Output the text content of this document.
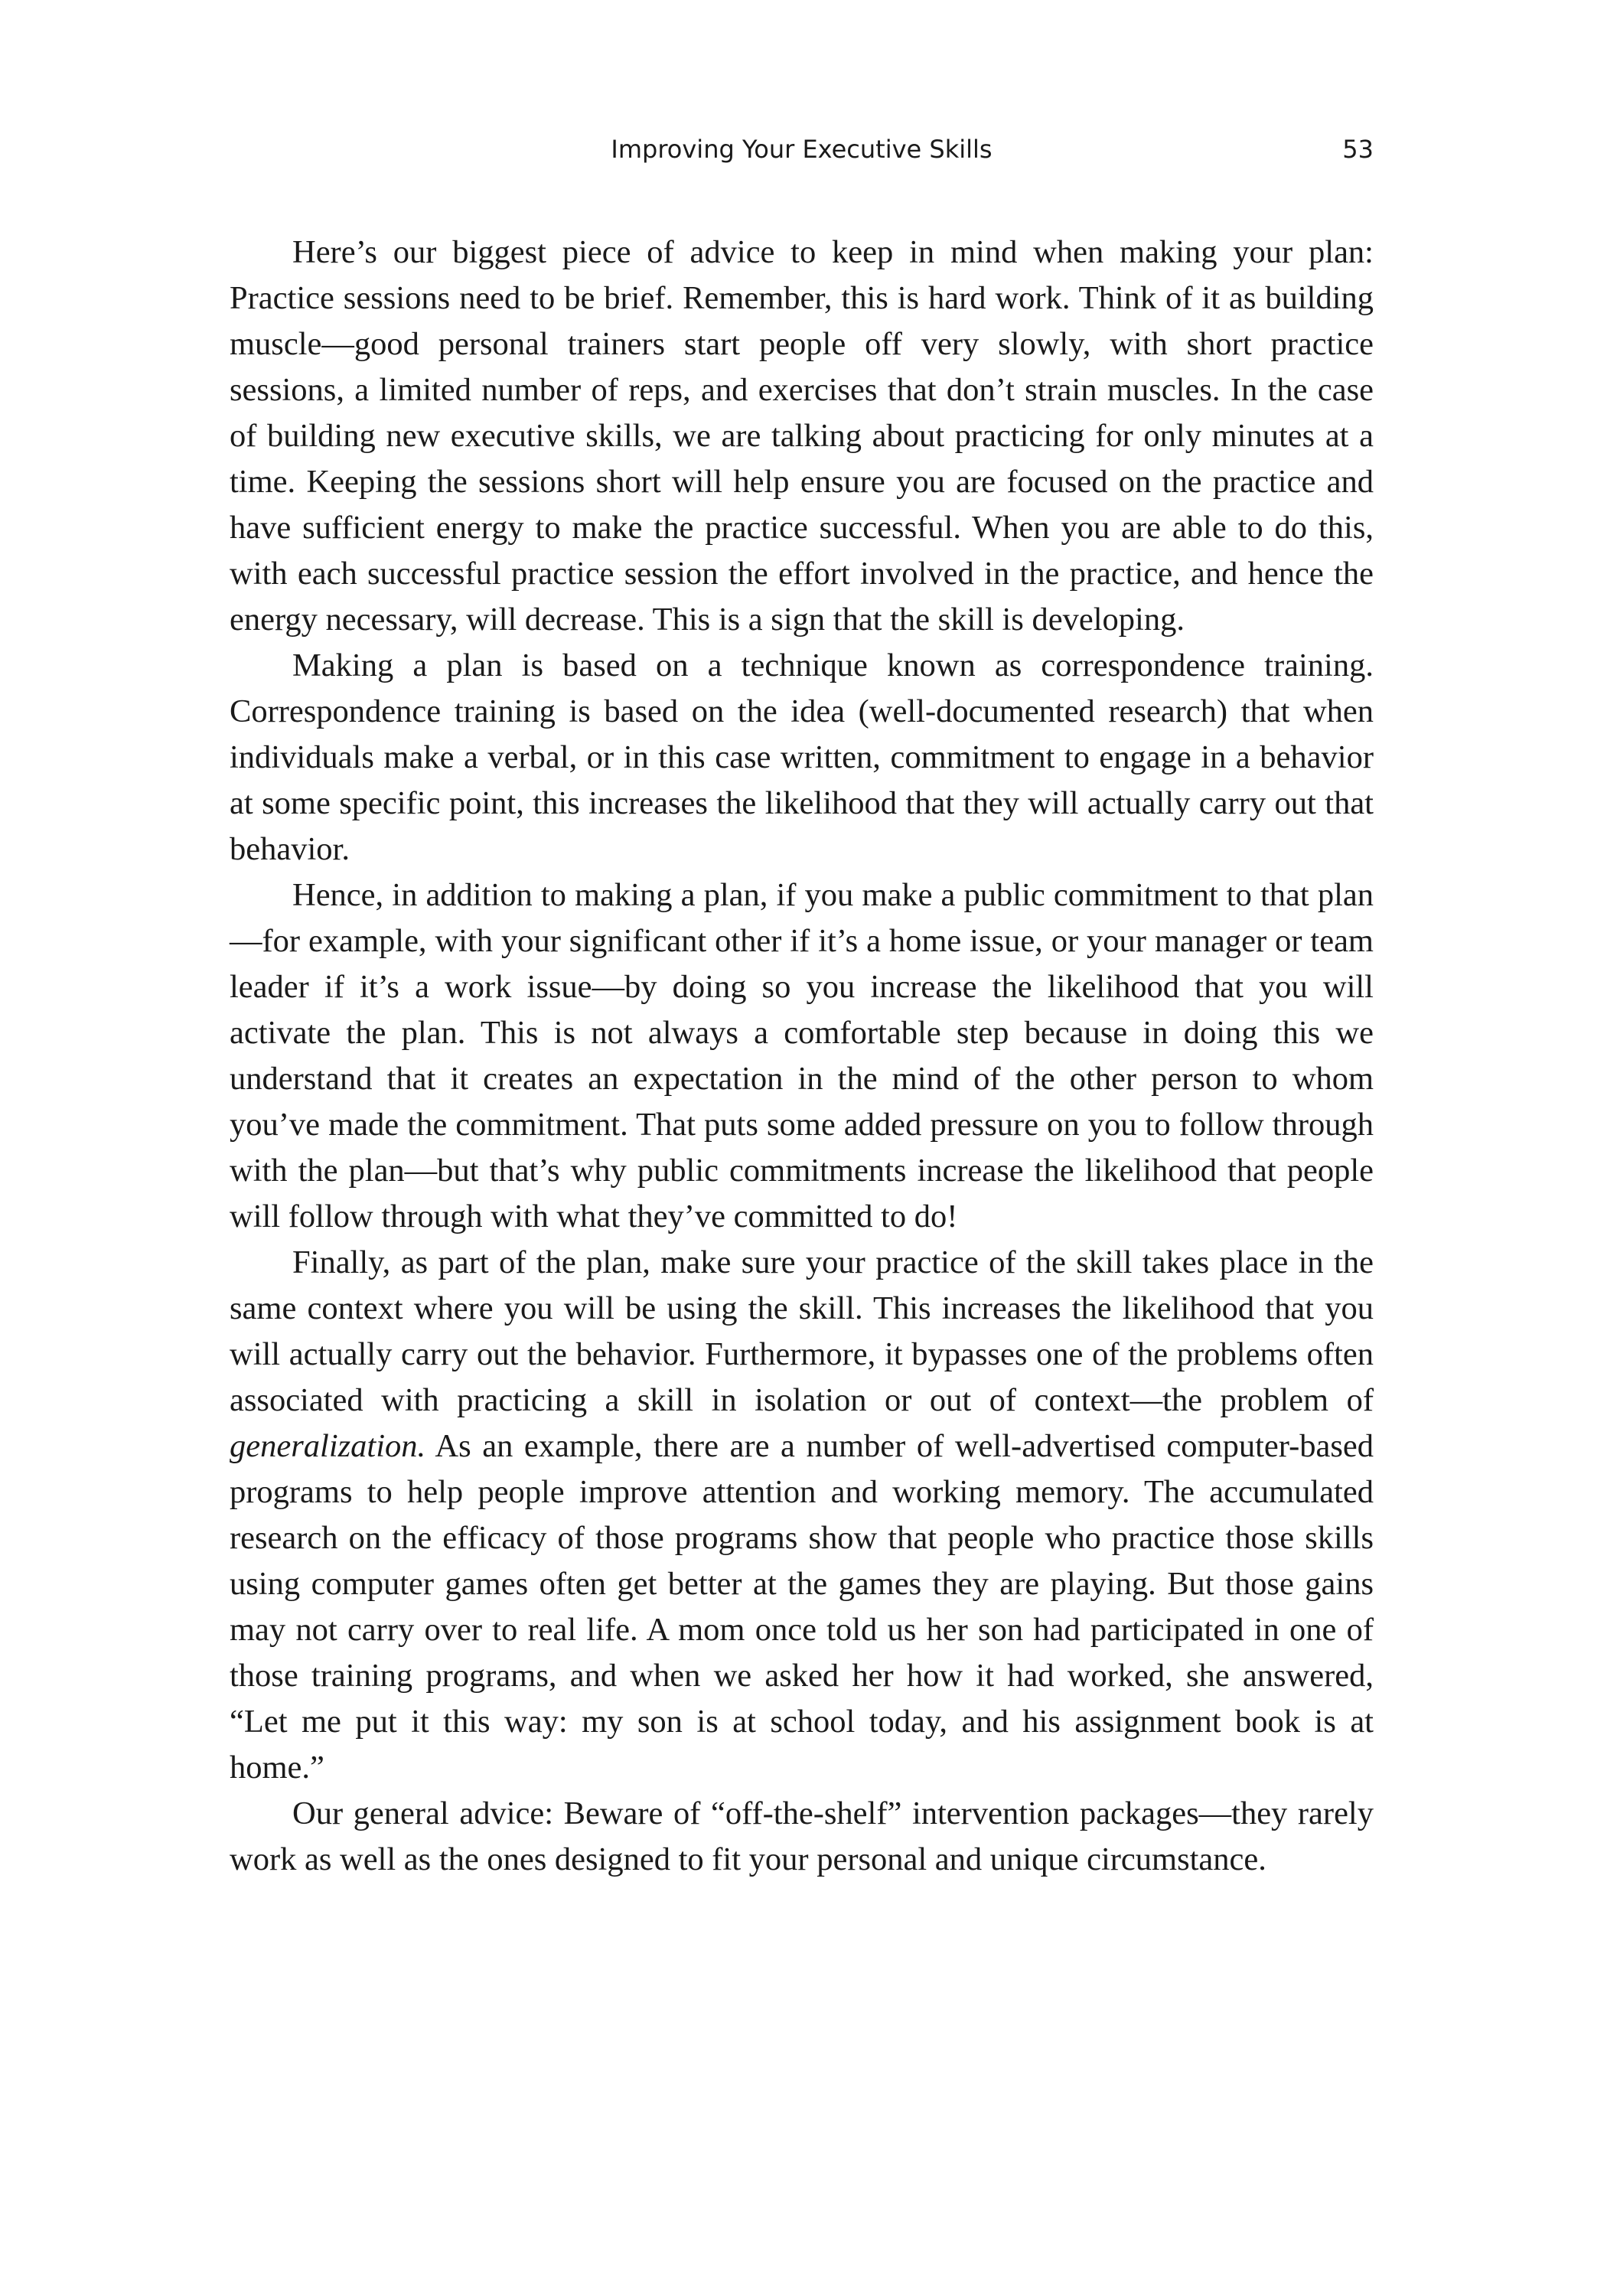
Improving Your Executive Skills	53

Here’s our biggest piece of advice to keep in mind when making your plan: Practice sessions need to be brief. Remember, this is hard work. Think of it as building muscle—good personal trainers start people off very slowly, with short practice sessions, a limited number of reps, and exercises that don’t strain muscles. In the case of building new executive skills, we are talking about practicing for only minutes at a time. Keeping the sessions short will help ensure you are focused on the practice and have sufficient energy to make the practice successful. When you are able to do this, with each successful practice session the effort involved in the practice, and hence the energy necessary, will decrease. This is a sign that the skill is developing.

Making a plan is based on a technique known as correspondence training. Correspondence training is based on the idea (well-documented research) that when individuals make a verbal, or in this case written, commitment to engage in a behavior at some specific point, this increases the likelihood that they will actually carry out that behavior.

Hence, in addition to making a plan, if you make a public commitment to that plan—for example, with your significant other if it’s a home issue, or your manager or team leader if it’s a work issue—by doing so you increase the likelihood that you will activate the plan. This is not always a comfortable step because in doing this we understand that it creates an expectation in the mind of the other person to whom you’ve made the commitment. That puts some added pressure on you to follow through with the plan—but that’s why public commitments increase the likelihood that people will follow through with what they’ve committed to do!

Finally, as part of the plan, make sure your practice of the skill takes place in the same context where you will be using the skill. This increases the likelihood that you will actually carry out the behavior. Furthermore, it bypasses one of the problems often associated with practicing a skill in isolation or out of context—the problem of generalization. As an example, there are a number of well-advertised computer-based programs to help people improve attention and working memory. The accumulated research on the efficacy of those programs show that people who practice those skills using computer games often get better at the games they are playing. But those gains may not carry over to real life. A mom once told us her son had participated in one of those training programs, and when we asked her how it had worked, she answered, “Let me put it this way: my son is at school today, and his assignment book is at home.”

Our general advice: Beware of “off-the-shelf” intervention packages—they rarely work as well as the ones designed to fit your personal and unique circumstance.
